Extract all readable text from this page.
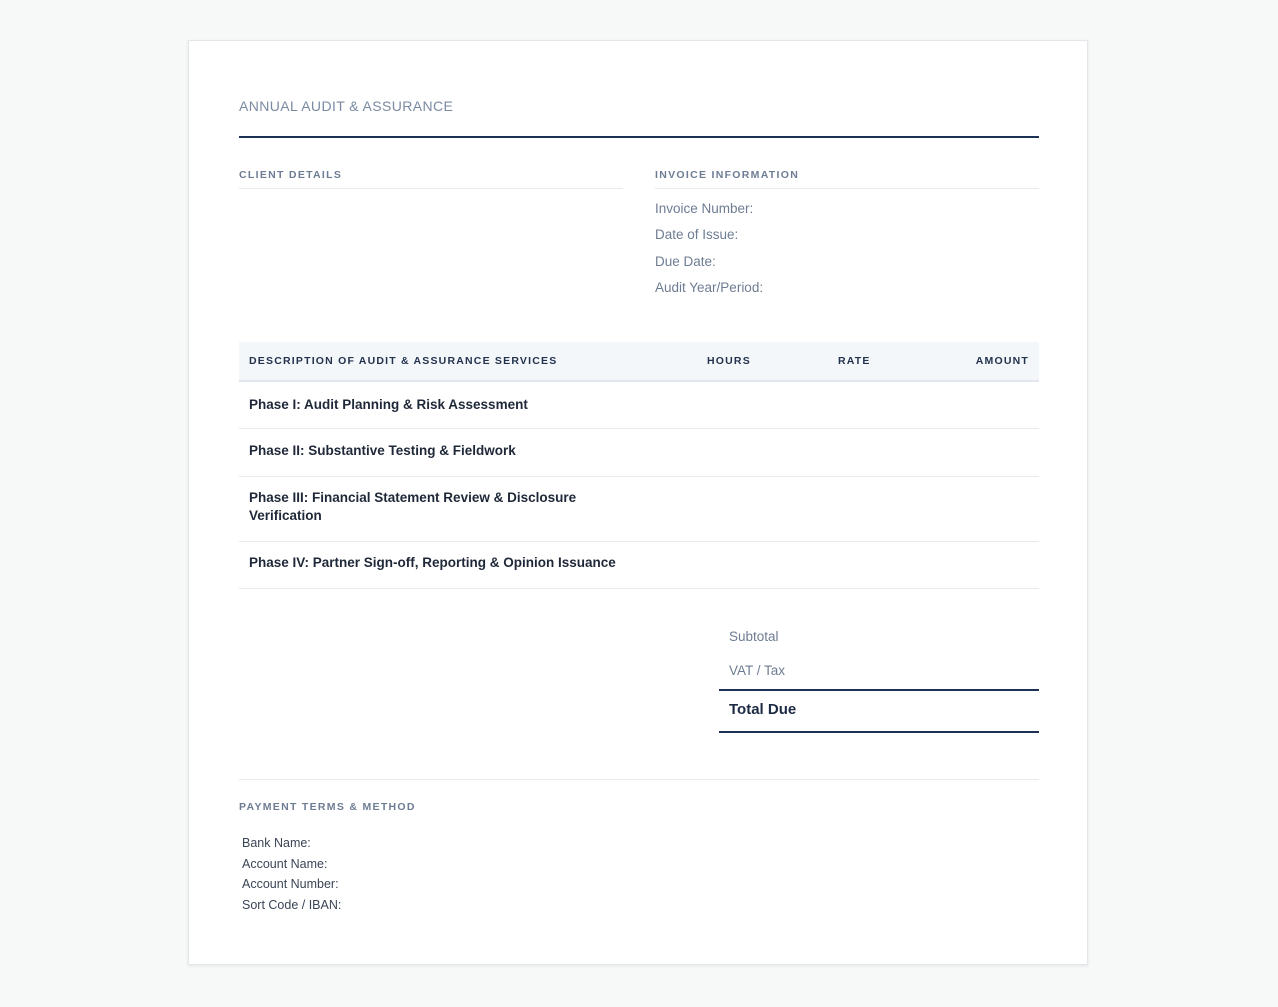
ANNUAL AUDIT & ASSURANCE
CLIENT DETAILS	INVOICE INFORMATION
Invoice Number:
Date of Issue:
Due Date:
Audit Year/Period:
DESCRIPTION OF AUDIT & ASSURANCE SERVICES	HOURS	RATE	AMOUNT
Phase I: Audit Planning & Risk Assessment
Phase II: Substantive Testing & Fieldwork
Phase III: Financial Statement Review & Disclosure Verification
Phase IV: Partner Sign-off, Reporting & Opinion Issuance
Subtotal
VAT / Tax
Total Due
PAYMENT TERMS & METHOD
Bank Name:
Account Name:
Account Number:
Sort Code / IBAN:
